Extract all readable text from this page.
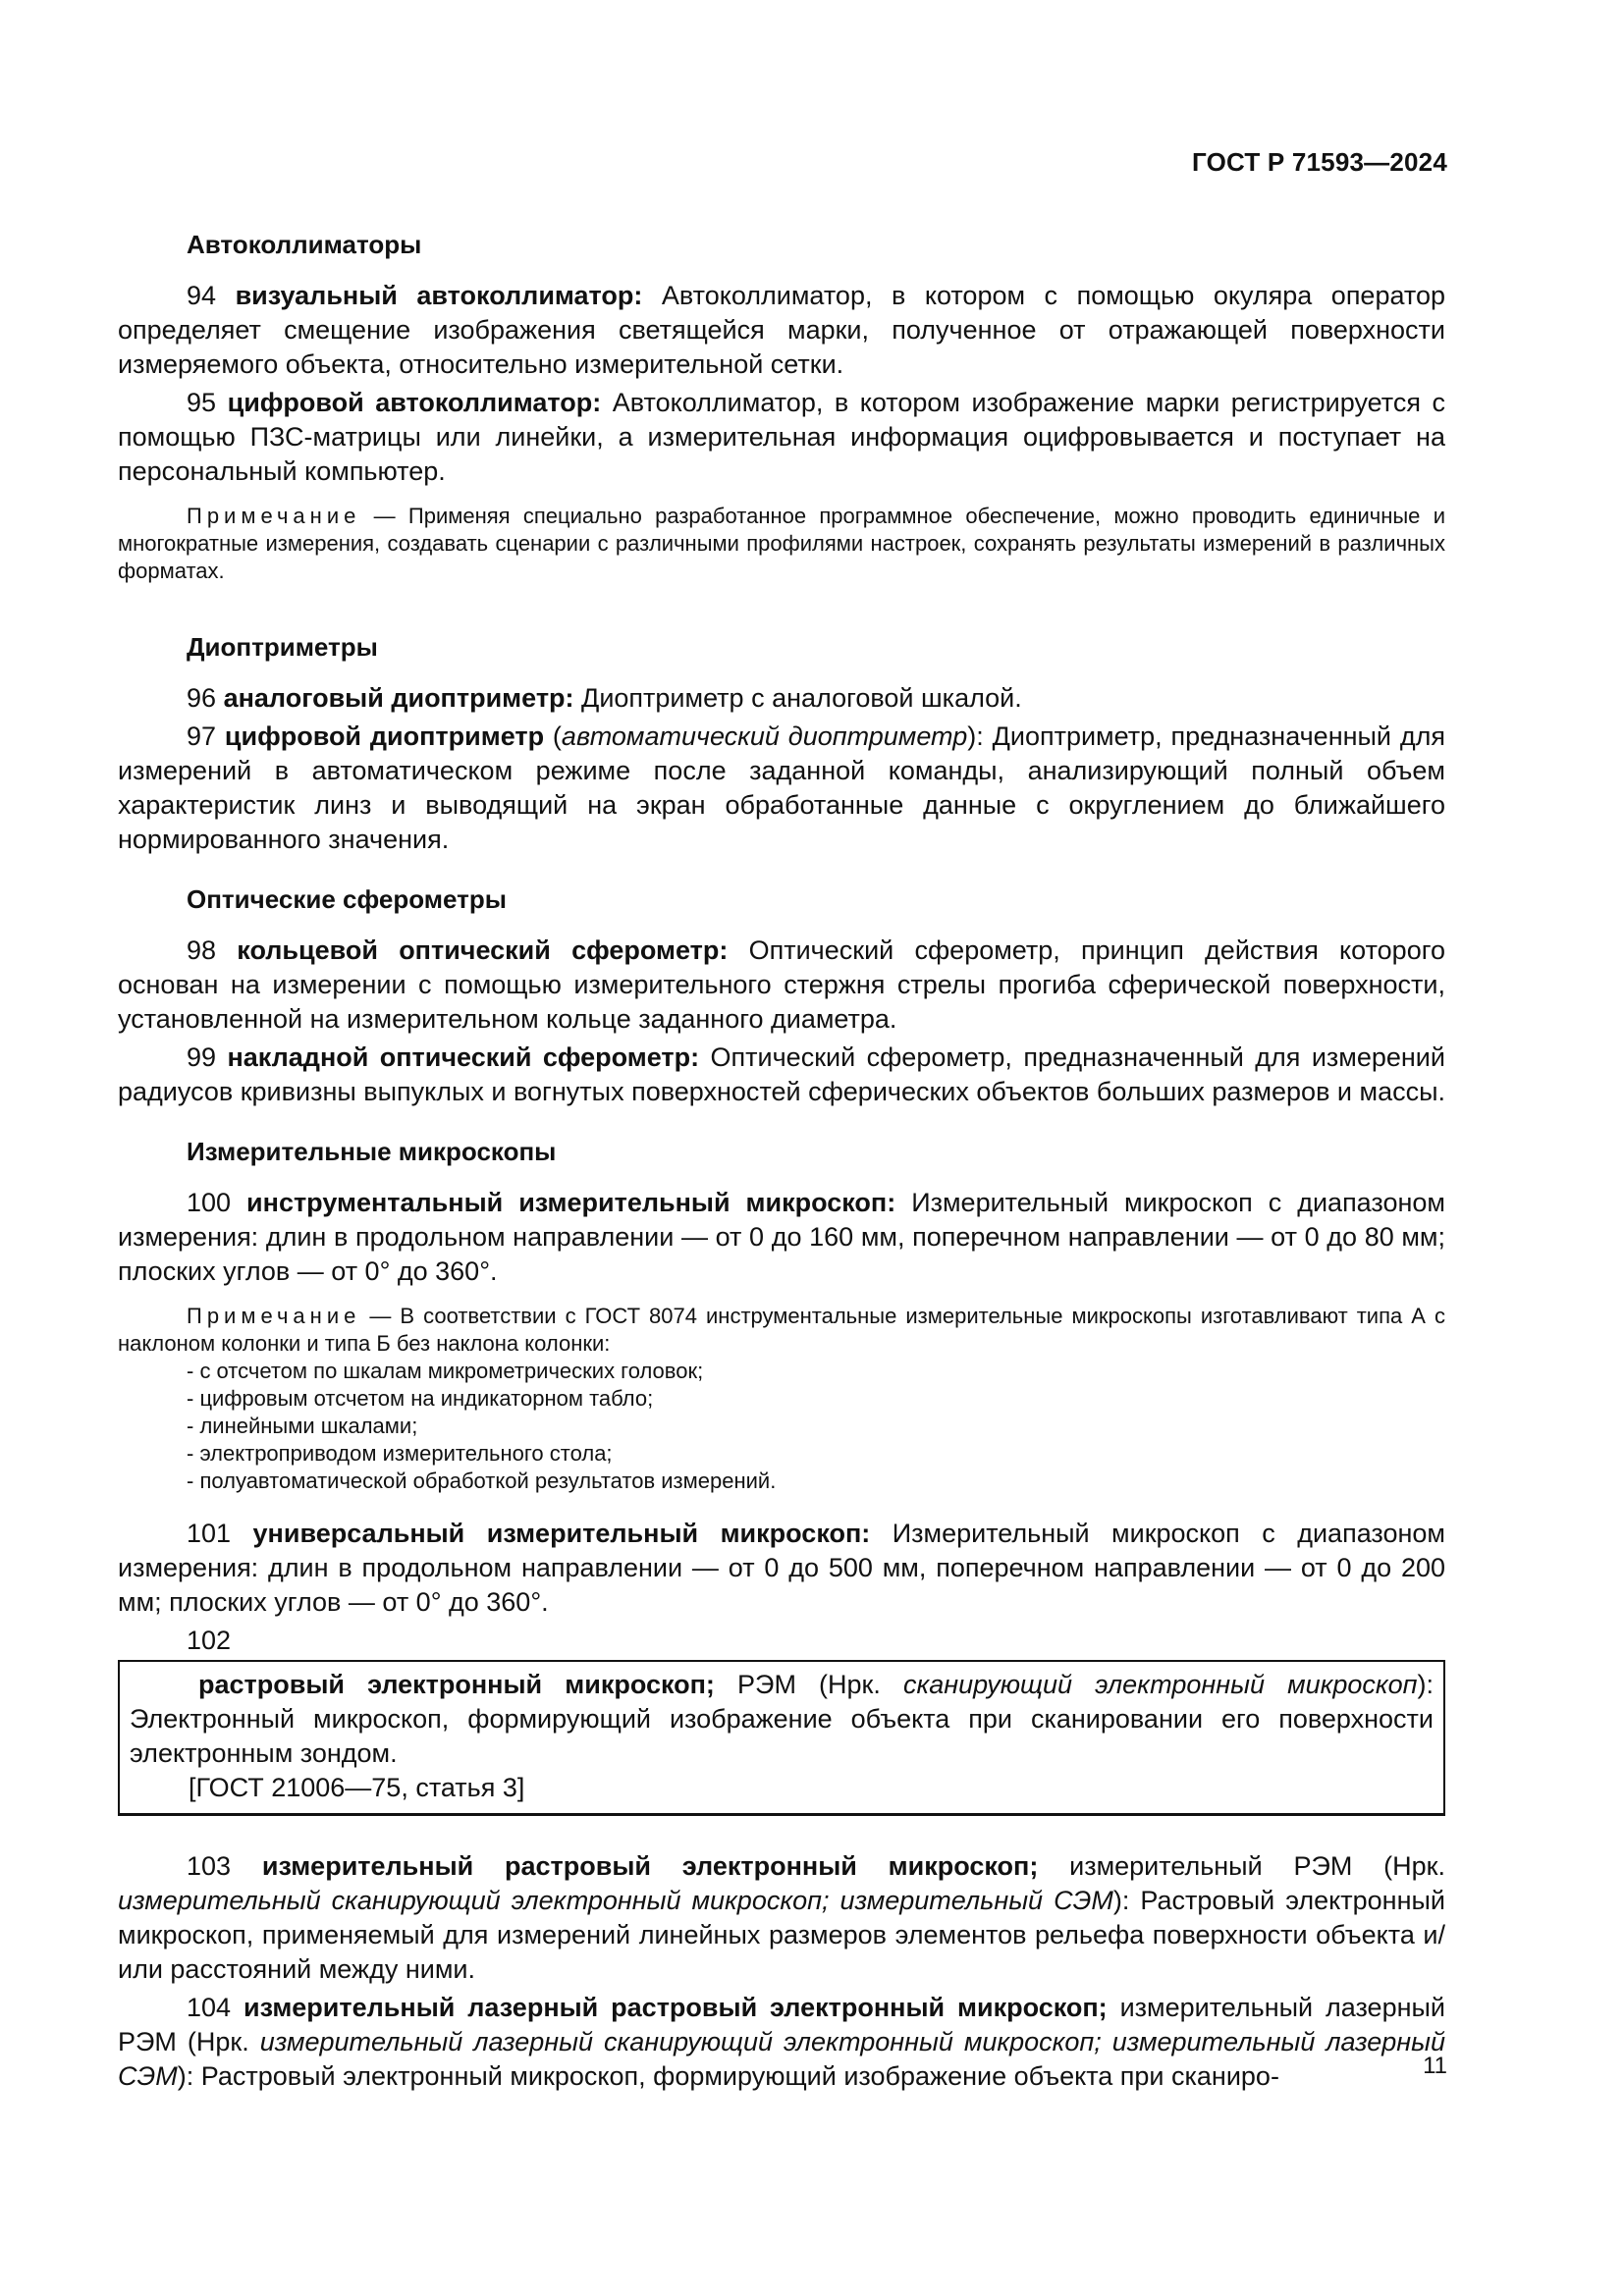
ГОСТ Р 71593—2024
Автоколлиматоры

94 визуальный автоколлиматор: Автоколлиматор, в котором с помощью окуляра оператор определяет смещение изображения светящейся марки, полученное от отражающей поверхности измеряемого объекта, относительно измерительной сетки.

95 цифровой автоколлиматор: Автоколлиматор, в котором изображение марки регистрируется с помощью ПЗС-матрицы или линейки, а измерительная информация оцифровывается и поступает на персональный компьютер.

Примечание — Применяя специально разработанное программное обеспечение, можно проводить единичные и многократные измерения, создавать сценарии с различными профилями настроек, сохранять результаты измерений в различных форматах.

Диоптриметры

96 аналоговый диоптриметр: Диоптриметр с аналоговой шкалой.

97 цифровой диоптриметр (автоматический диоптриметр): Диоптриметр, предназначенный для измерений в автоматическом режиме после заданной команды, анализирующий полный объем характеристик линз и выводящий на экран обработанные данные с округлением до ближайшего нормированного значения.

Оптические сферометры

98 кольцевой оптический сферометр: Оптический сферометр, принцип действия которого основан на измерении с помощью измерительного стержня стрелы прогиба сферической поверхности, установленной на измерительном кольце заданного диаметра.

99 накладной оптический сферометр: Оптический сферометр, предназначенный для измерений радиусов кривизны выпуклых и вогнутых поверхностей сферических объектов больших размеров и массы.

Измерительные микроскопы

100 инструментальный измерительный микроскоп: Измерительный микроскоп с диапазоном измерения: длин в продольном направлении — от 0 до 160 мм, поперечном направлении — от 0 до 80 мм; плоских углов — от 0° до 360°.

Примечание — В соответствии с ГОСТ 8074 инструментальные измерительные микроскопы изготавливают типа А с наклоном колонки и типа Б без наклона колонки:

- с отсчетом по шкалам микрометрических головок;
- цифровым отсчетом на индикаторном табло;
- линейными шкалами;
- электроприводом измерительного стола;
- полуавтоматической обработкой результатов измерений.

101 универсальный измерительный микроскоп: Измерительный микроскоп с диапазоном измерения: длин в продольном направлении — от 0 до 500 мм, поперечном направлении — от 0 до 200 мм; плоских углов — от 0° до 360°.

102

растровый электронный микроскоп; РЭМ (Нрк. сканирующий электронный микроскоп): Электронный микроскоп, формирующий изображение объекта при сканировании его поверхности электронным зондом.

[ГОСТ 21006—75, статья 3]

103 измерительный растровый электронный микроскоп; измерительный РЭМ (Нрк. измерительный сканирующий электронный микроскоп; измерительный СЭМ): Растровый электронный микроскоп, применяемый для измерений линейных размеров элементов рельефа поверхности объекта и/или расстояний между ними.

104 измерительный лазерный растровый электронный микроскоп; измерительный лазерный РЭМ (Нрк. измерительный лазерный сканирующий электронный микроскоп; измерительный лазерный СЭМ): Растровый электронный микроскоп, формирующий изображение объекта при сканиро-	11
